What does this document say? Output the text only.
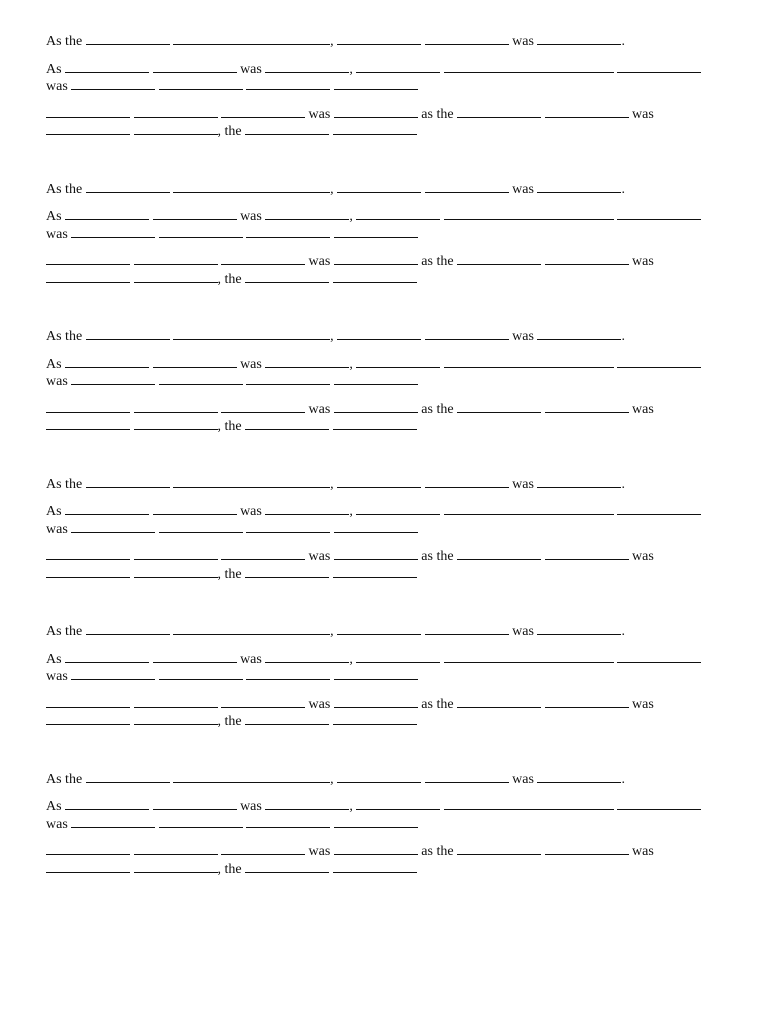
As the	,	was	.

As	was	,    was

was	as the	was  , the

As the	,	was	.

As	was	,    was

was	as the	was  , the

As the	,	was	.

As	was	,    was

was	as the	was  , the

As the	,	was	.

As	was	,    was

was	as the	was  , the

As the	,	was	.

As	was	,    was

was	as the	was  , the

As the	,	was	.

As	was	,    was

was	as the	was  , the
